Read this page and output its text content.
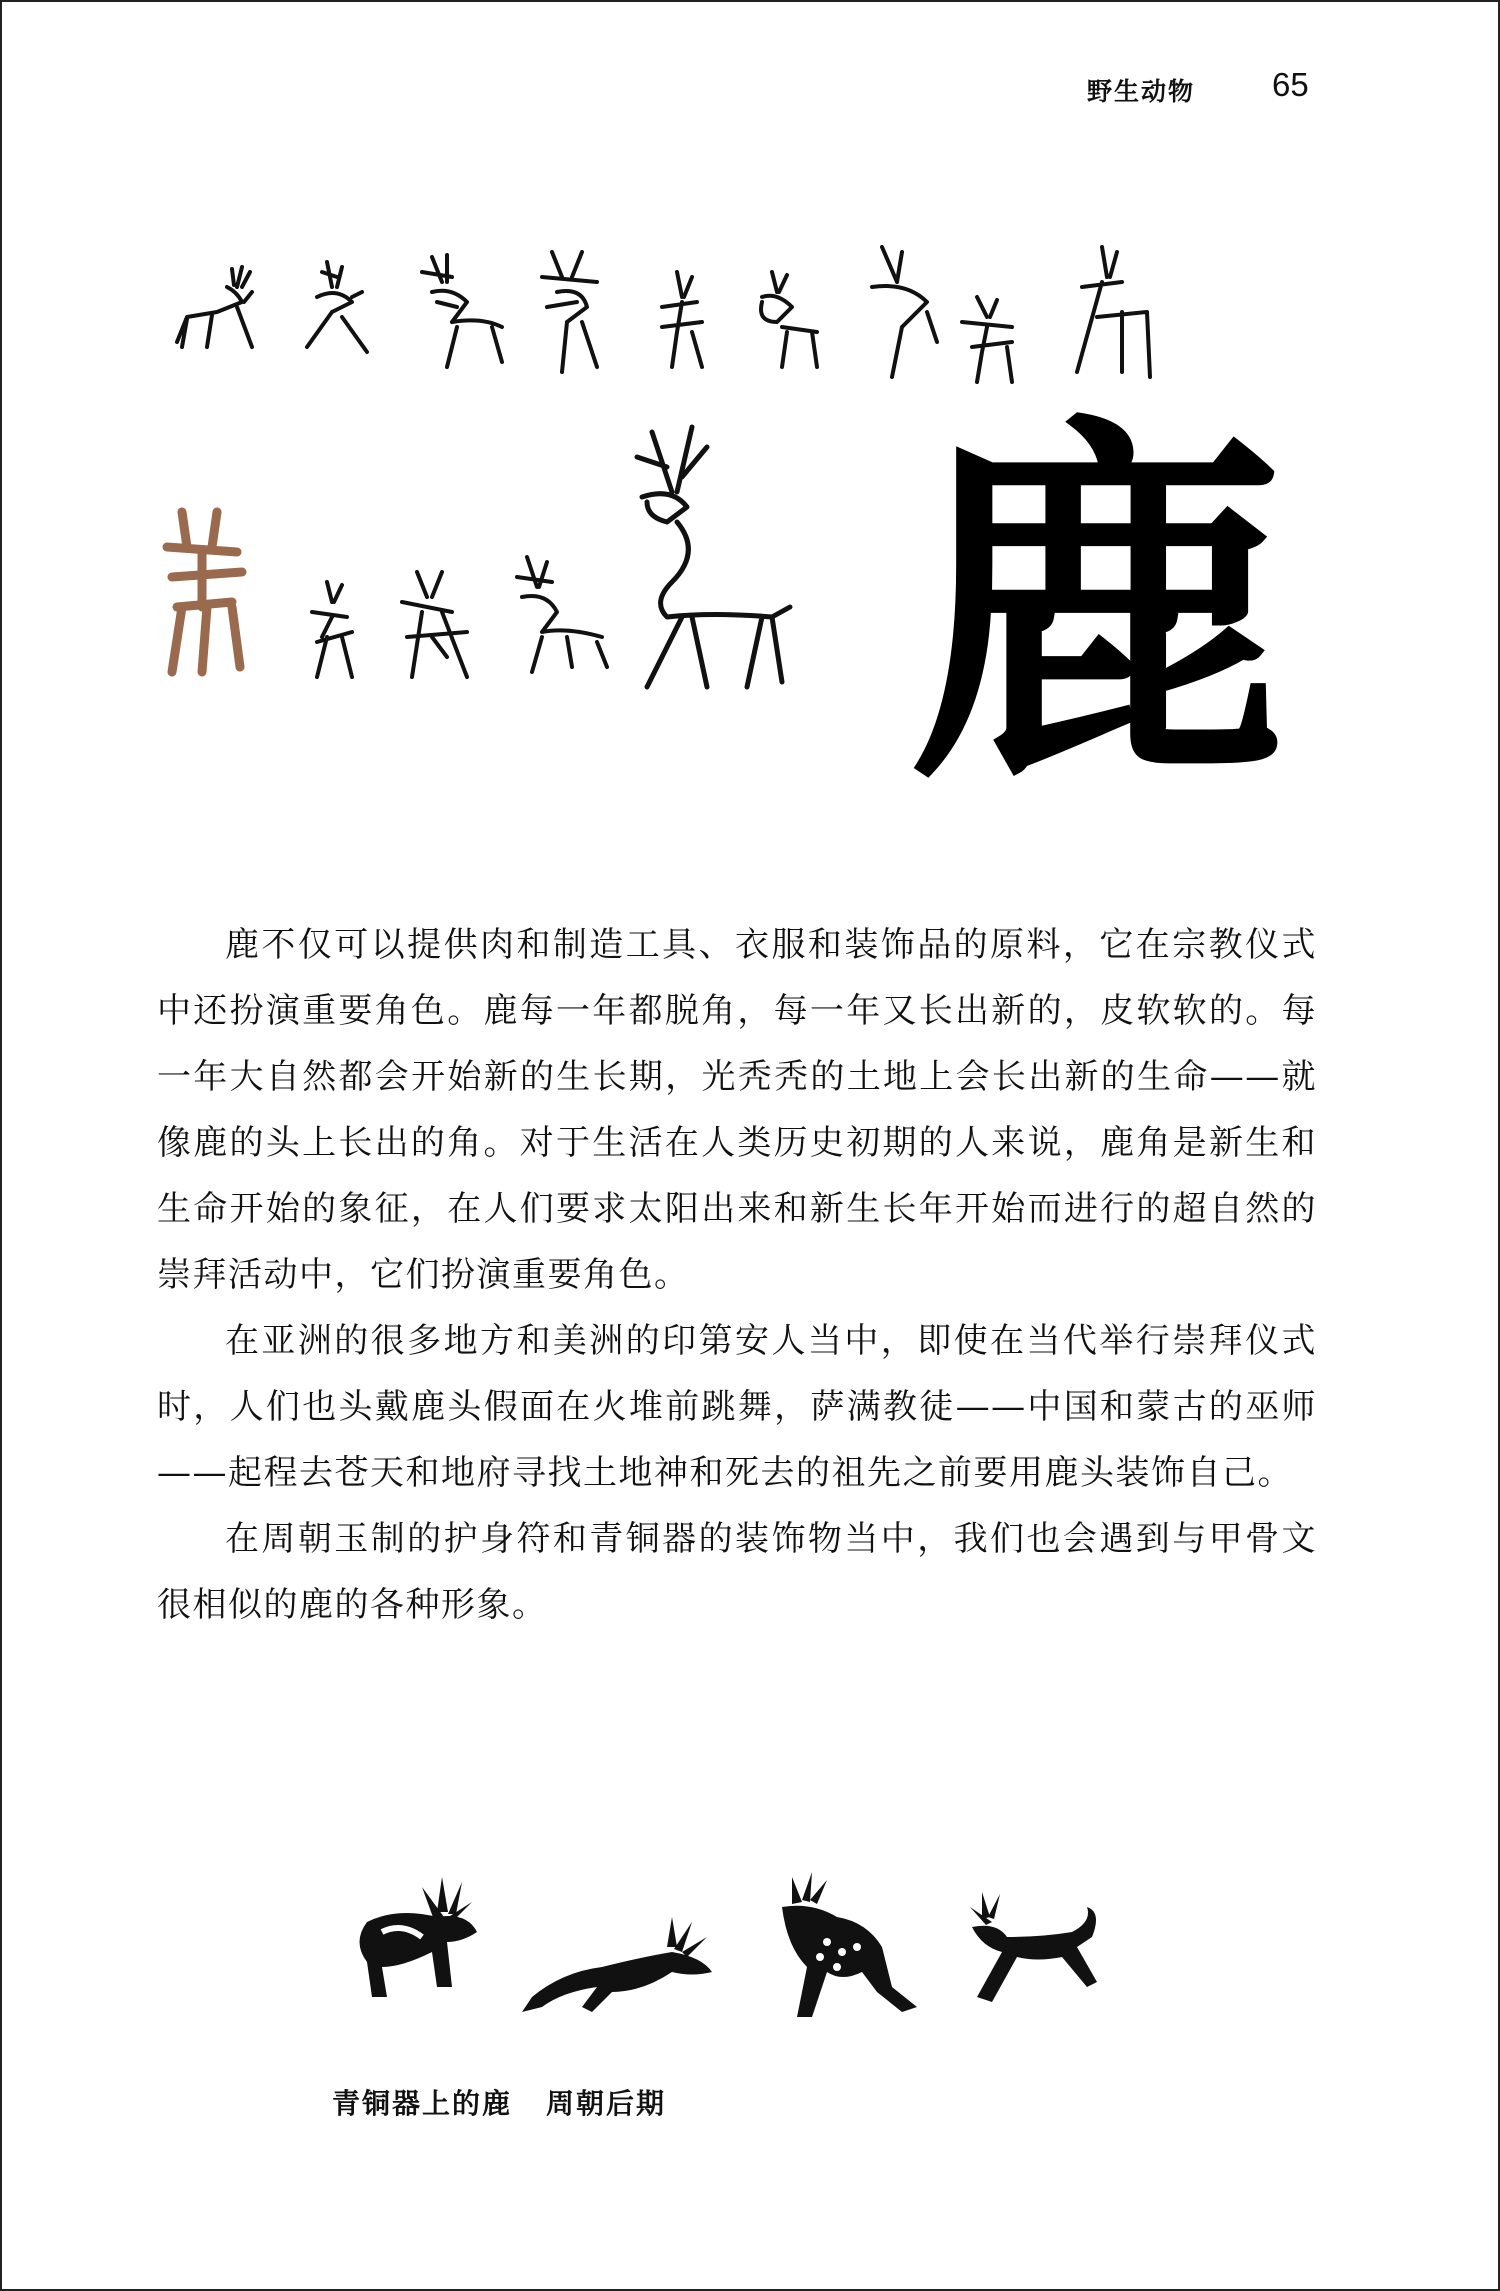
野生动物 65
鹿

鹿不仅可以提供肉和制造工具、衣服和装饰品的原料，它在宗教仪式中还扮演重要角色。鹿每一年都脱角，每一年又长出新的，皮软软的。每一年大自然都会开始新的生长期，光秃秃的土地上会长出新的生命——就像鹿的头上长出的角。对于生活在人类历史初期的人来说，鹿角是新生和生命开始的象征，在人们要求太阳出来和新生长年开始而进行的超自然的崇拜活动中，它们扮演重要角色。

在亚洲的很多地方和美洲的印第安人当中，即使在当代举行崇拜仪式时，人们也头戴鹿头假面在火堆前跳舞，萨满教徒——中国和蒙古的巫师——起程去苍天和地府寻找土地神和死去的祖先之前要用鹿头装饰自己。

在周朝玉制的护身符和青铜器的装饰物当中，我们也会遇到与甲骨文很相似的鹿的各种形象。

青铜器上的鹿 周朝后期
